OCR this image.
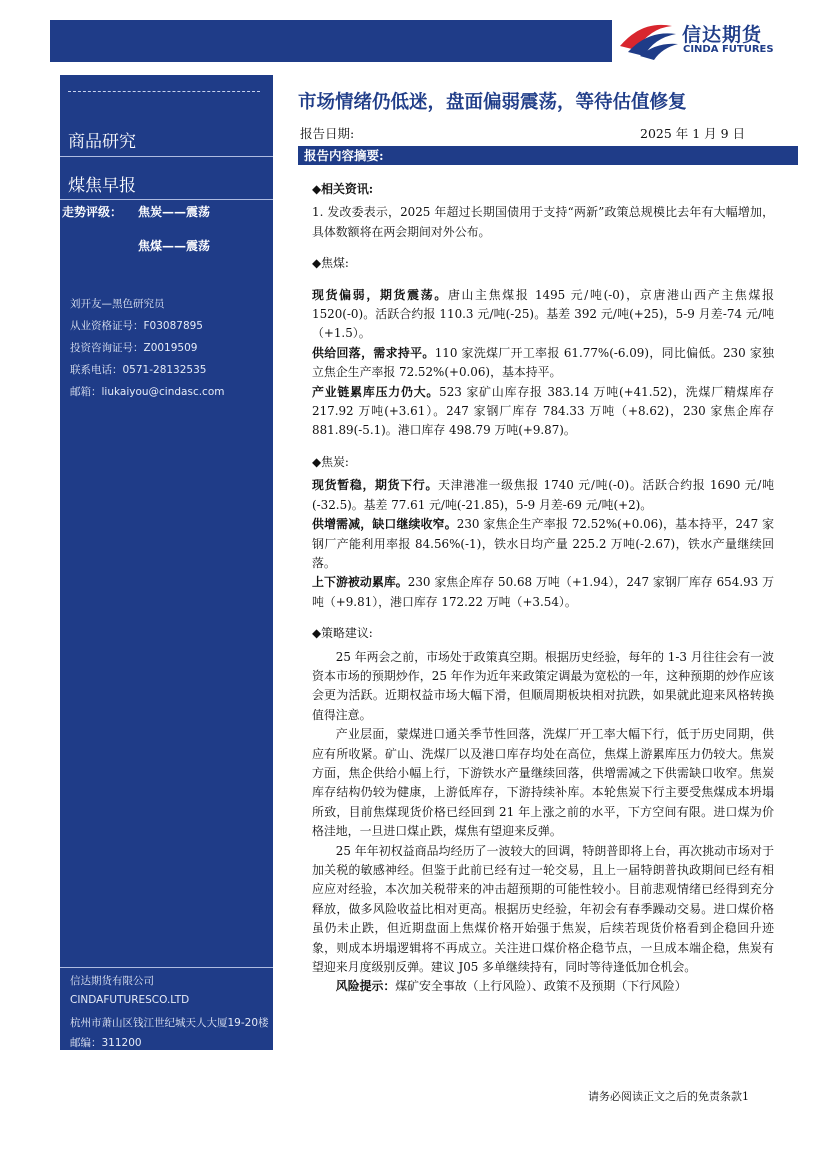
信达期货
CINDA FUTURES
商品研究
煤焦早报
走势评级： 焦炭——震荡
焦煤——震荡
刘开友—黑色研究员
从业资格证号：F03087895
投资咨询证号：Z0019509
联系电话：0571-28132535
邮箱：liukaiyou@cindasc.com
信达期货有限公司
CINDAFUTURESCO.LTD
杭州市萧山区钱江世纪城天人大厦19-20楼
邮编：311200
市场情绪仍低迷，盘面偏弱震荡，等待估值修复
报告日期:	2025 年 1 月 9 日
报告内容摘要:

◆相关资讯:

1. 发改委表示，2025 年超过长期国债用于支持“两新”政策总规模比去年有大幅增加，具体数额将在两会期间对外公布。

◆焦煤:

现货偏弱，期货震荡。唐山主焦煤报 1495 元/吨(-0)，京唐港山西产主焦煤报 1520(-0)。活跃合约报 110.3 元/吨(-25)。基差 392 元/吨(+25)，5-9 月差-74 元/吨（+1.5）。

供给回落，需求持平。110 家洗煤厂开工率报 61.77%(-6.09)，同比偏低。230 家独立焦企生产率报 72.52%(+0.06)，基本持平。

产业链累库压力仍大。523 家矿山库存报 383.14 万吨(+41.52)，洗煤厂精煤库存 217.92 万吨(+3.61）。247 家钢厂库存 784.33 万吨（+8.62)，230 家焦企库存 881.89(-5.1)。港口库存 498.79 万吨(+9.87)。

◆焦炭:

现货暂稳，期货下行。天津港准一级焦报 1740 元/吨(-0)。活跃合约报 1690 元/吨(-32.5)。基差 77.61 元/吨(-21.85)，5-9 月差-69 元/吨(+2)。

供增需减，缺口继续收窄。230 家焦企生产率报 72.52%(+0.06)，基本持平，247 家钢厂产能利用率报 84.56%(-1)，铁水日均产量 225.2 万吨(-2.67)，铁水产量继续回落。

上下游被动累库。230 家焦企库存 50.68 万吨（+1.94），247 家钢厂库存 654.93 万吨（+9.81），港口库存 172.22 万吨（+3.54）。

◆策略建议:

25 年两会之前，市场处于政策真空期。根据历史经验，每年的 1-3 月往往会有一波资本市场的预期炒作，25 年作为近年来政策定调最为宽松的一年，这种预期的炒作应该会更为活跃。近期权益市场大幅下滑，但顺周期板块相对抗跌，如果就此迎来风格转换值得注意。

产业层面，蒙煤进口通关季节性回落，洗煤厂开工率大幅下行，低于历史同期，供应有所收紧。矿山、洗煤厂以及港口库存均处在高位，焦煤上游累库压力仍较大。焦炭方面，焦企供给小幅上行，下游铁水产量继续回落，供增需减之下供需缺口收窄。焦炭库存结构仍较为健康，上游低库存，下游持续补库。本轮焦炭下行主要受焦煤成本坍塌所致，目前焦煤现货价格已经回到 21 年上涨之前的水平，下方空间有限。进口煤为价格洼地，一旦进口煤止跌，煤焦有望迎来反弹。

25 年年初权益商品均经历了一波较大的回调，特朗普即将上台，再次挑动市场对于加关税的敏感神经。但鉴于此前已经有过一轮交易，且上一届特朗普执政期间已经有相应应对经验，本次加关税带来的冲击超预期的可能性较小。目前悲观情绪已经得到充分释放，做多风险收益比相对更高。根据历史经验，年初会有春季躁动交易。进口煤价格虽仍未止跌，但近期盘面上焦煤价格开始强于焦炭，后续若现货价格看到企稳回升迹象，则成本坍塌逻辑将不再成立。关注进口煤价格企稳节点，一旦成本端企稳，焦炭有望迎来月度级别反弹。建议 J05 多单继续持有，同时等待逢低加仓机会。

风险提示：煤矿安全事故（上行风险）、政策不及预期（下行风险）

请务必阅读正文之后的免责条款1
